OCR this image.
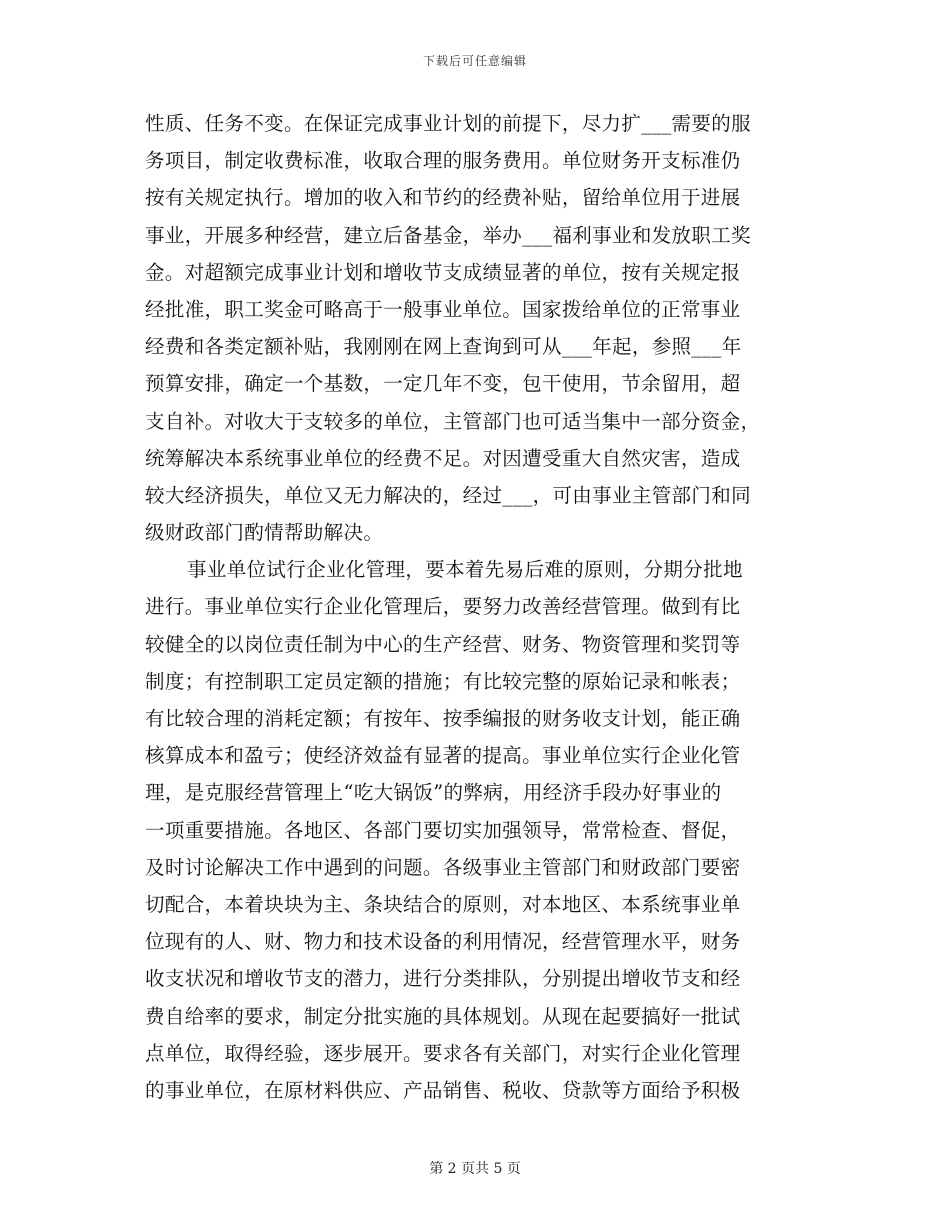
下载后可任意编辑
性质、任务不变。在保证完成事业计划的前提下，尽力扩___需要的服
务项目，制定收费标准，收取合理的服务费用。单位财务开支标准仍
按有关规定执行。增加的收入和节约的经费补贴，留给单位用于进展
事业，开展多种经营，建立后备基金，举办___福利事业和发放职工奖
金。对超额完成事业计划和增收节支成绩显著的单位，按有关规定报
经批准，职工奖金可略高于一般事业单位。国家拨给单位的正常事业
经费和各类定额补贴，我刚刚在网上查询到可从___年起，参照___年
预算安排，确定一个基数，一定几年不变，包干使用，节余留用，超
支自补。对收大于支较多的单位，主管部门也可适当集中一部分资金，
统筹解决本系统事业单位的经费不足。对因遭受重大自然灾害，造成
较大经济损失，单位又无力解决的，经过___，可由事业主管部门和同
级财政部门酌情帮助解决。
事业单位试行企业化管理，要本着先易后难的原则，分期分批地
进行。事业单位实行企业化管理后，要努力改善经营管理。做到有比
较健全的以岗位责任制为中心的生产经营、财务、物资管理和奖罚等
制度；有控制职工定员定额的措施；有比较完整的原始记录和帐表；
有比较合理的消耗定额；有按年、按季编报的财务收支计划，能正确
核算成本和盈亏；使经济效益有显著的提高。事业单位实行企业化管
理，是克服经营管理上“吃大锅饭”的弊病，用经济手段办好事业的
一项重要措施。各地区、各部门要切实加强领导，常常检查、督促，
及时讨论解决工作中遇到的问题。各级事业主管部门和财政部门要密
切配合，本着块块为主、条块结合的原则，对本地区、本系统事业单
位现有的人、财、物力和技术设备的利用情况，经营管理水平，财务
收支状况和增收节支的潜力，进行分类排队，分别提出增收节支和经
费自给率的要求，制定分批实施的具体规划。从现在起要搞好一批试
点单位，取得经验，逐步展开。要求各有关部门，对实行企业化管理
的事业单位，在原材料供应、产品销售、税收、贷款等方面给予积极
第 2 页共 5 页
